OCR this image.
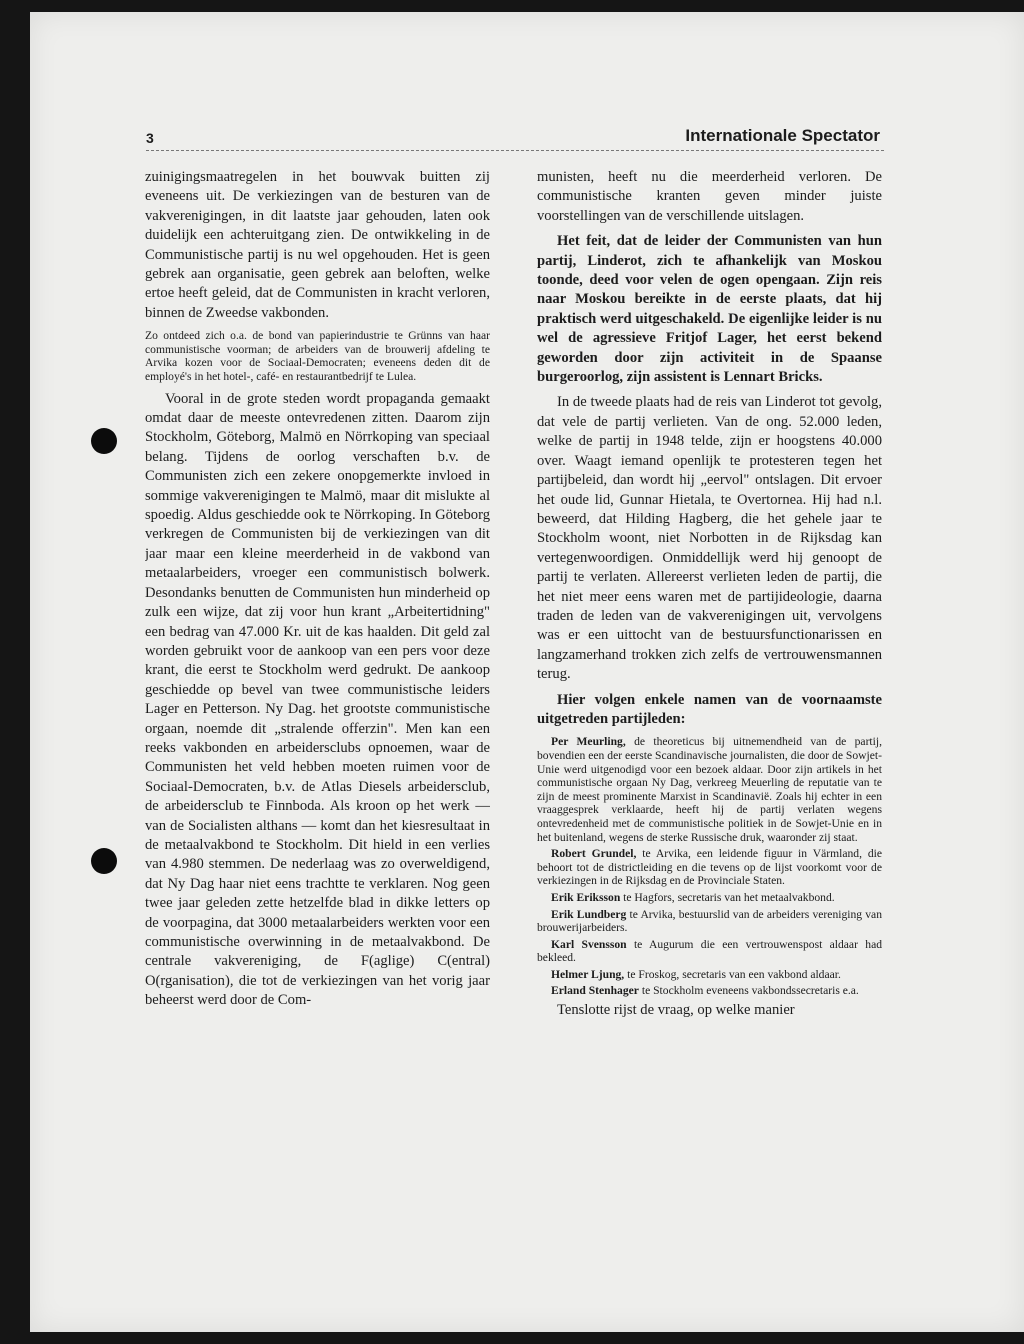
3	Internationale Spectator

zuinigingsmaatregelen in het bouwvak buitten zij eveneens uit. De verkiezingen van de besturen van de vakverenigingen, in dit laatste jaar gehouden, laten ook duidelijk een achteruitgang zien. De ontwikkeling in de Communistische partij is nu wel opgehouden. Het is geen gebrek aan organisatie, geen gebrek aan beloften, welke ertoe heeft geleid, dat de Communisten in kracht verloren, binnen de Zweedse vakbonden.

Zo ontdeed zich o.a. de bond van papierindustrie te Grünns van haar communistische voorman; de arbeiders van de brouwerij afdeling te Arvika kozen voor de Sociaal-Democraten; eveneens deden dit de employé's in het hotel-, café- en restaurantbedrijf te Lulea.

Vooral in de grote steden wordt propaganda gemaakt omdat daar de meeste ontevredenen zitten. Daarom zijn Stockholm, Göteborg, Malmö en Nörrkoping van speciaal belang. Tijdens de oorlog verschaften b.v. de Communisten zich een zekere onopgemerkte invloed in sommige vakverenigingen te Malmö, maar dit mislukte al spoedig. Aldus geschiedde ook te Nörrkoping. In Göteborg verkregen de Communisten bij de verkiezingen van dit jaar maar een kleine meerderheid in de vakbond van metaalarbeiders, vroeger een communistisch bolwerk. Desondanks benutten de Communisten hun minderheid op zulk een wijze, dat zij voor hun krant „Arbeitertidning" een bedrag van 47.000 Kr. uit de kas haalden. Dit geld zal worden gebruikt voor de aankoop van een pers voor deze krant, die eerst te Stockholm werd gedrukt. De aankoop geschiedde op bevel van twee communistische leiders Lager en Petterson. Ny Dag. het grootste communistische orgaan, noemde dit „stralende offerzin". Men kan een reeks vakbonden en arbeidersclubs opnoemen, waar de Communisten het veld hebben moeten ruimen voor de Sociaal-Democraten, b.v. de Atlas Diesels arbeidersclub, de arbeidersclub te Finnboda. Als kroon op het werk — van de Socialisten althans — komt dan het kiesresultaat in de metaalvakbond te Stockholm. Dit hield in een verlies van 4.980 stemmen. De nederlaag was zo overweldigend, dat Ny Dag haar niet eens trachtte te verklaren. Nog geen twee jaar geleden zette hetzelfde blad in dikke letters op de voorpagina, dat 3000 metaalarbeiders werkten voor een communistische overwinning in de metaalvakbond. De centrale vakvereniging, de F(aglige) C(entral) O(rganisation), die tot de verkiezingen van het vorig jaar beheerst werd door de Com-

munisten, heeft nu die meerderheid verloren. De communistische kranten geven minder juiste voorstellingen van de verschillende uitslagen.

Het feit, dat de leider der Communisten van hun partij, Linderot, zich te afhankelijk van Moskou toonde, deed voor velen de ogen opengaan. Zijn reis naar Moskou bereikte in de eerste plaats, dat hij praktisch werd uitgeschakeld. De eigenlijke leider is nu wel de agressieve Fritjof Lager, het eerst bekend geworden door zijn activiteit in de Spaanse burgeroorlog, zijn assistent is Lennart Bricks.

In de tweede plaats had de reis van Linderot tot gevolg, dat vele de partij verlieten. Van de ong. 52.000 leden, welke de partij in 1948 telde, zijn er hoogstens 40.000 over. Waagt iemand openlijk te protesteren tegen het partijbeleid, dan wordt hij „eervol" ontslagen. Dit ervoer het oude lid, Gunnar Hietala, te Overtornea. Hij had n.l. beweerd, dat Hilding Hagberg, die het gehele jaar te Stockholm woont, niet Norbotten in de Rijksdag kan vertegenwoordigen. Onmiddellijk werd hij genoopt de partij te verlaten. Allereerst verlieten leden de partij, die het niet meer eens waren met de partijideologie, daarna traden de leden van de vakverenigingen uit, vervolgens was er een uittocht van de bestuursfunctionarissen en langzamerhand trokken zich zelfs de vertrouwensmannen terug.

Hier volgen enkele namen van de voornaamste uitgetreden partijleden:

Per Meurling, de theoreticus bij uitnemendheid van de partij, bovendien een der eerste Scandinavische journalisten, die door de Sowjet-Unie werd uitgenodigd voor een bezoek aldaar. Door zijn artikels in het communistische orgaan Ny Dag, verkreeg Meuerling de reputatie van te zijn de meest prominente Marxist in Scandinavië. Zoals hij echter in een vraaggesprek verklaarde, heeft hij de partij verlaten wegens ontevredenheid met de communistische politiek in de Sowjet-Unie en in het buitenland, wegens de sterke Russische druk, waaronder zij staat.

Robert Grundel, te Arvika, een leidende figuur in Värmland, die behoort tot de districtleiding en die tevens op de lijst voorkomt voor de verkiezingen in de Rijksdag en de Provinciale Staten.

Erik Eriksson te Hagfors, secretaris van het metaalvakbond.

Erik Lundberg te Arvika, bestuurslid van de arbeiders vereniging van brouwerijarbeiders.

Karl Svensson te Augurum die een vertrouwenspost aldaar had bekleed.

Helmer Ljung, te Froskog, secretaris van een vakbond aldaar.

Erland Stenhager te Stockholm eveneens vakbondssecretaris e.a.

Tenslotte rijst de vraag, op welke manier
